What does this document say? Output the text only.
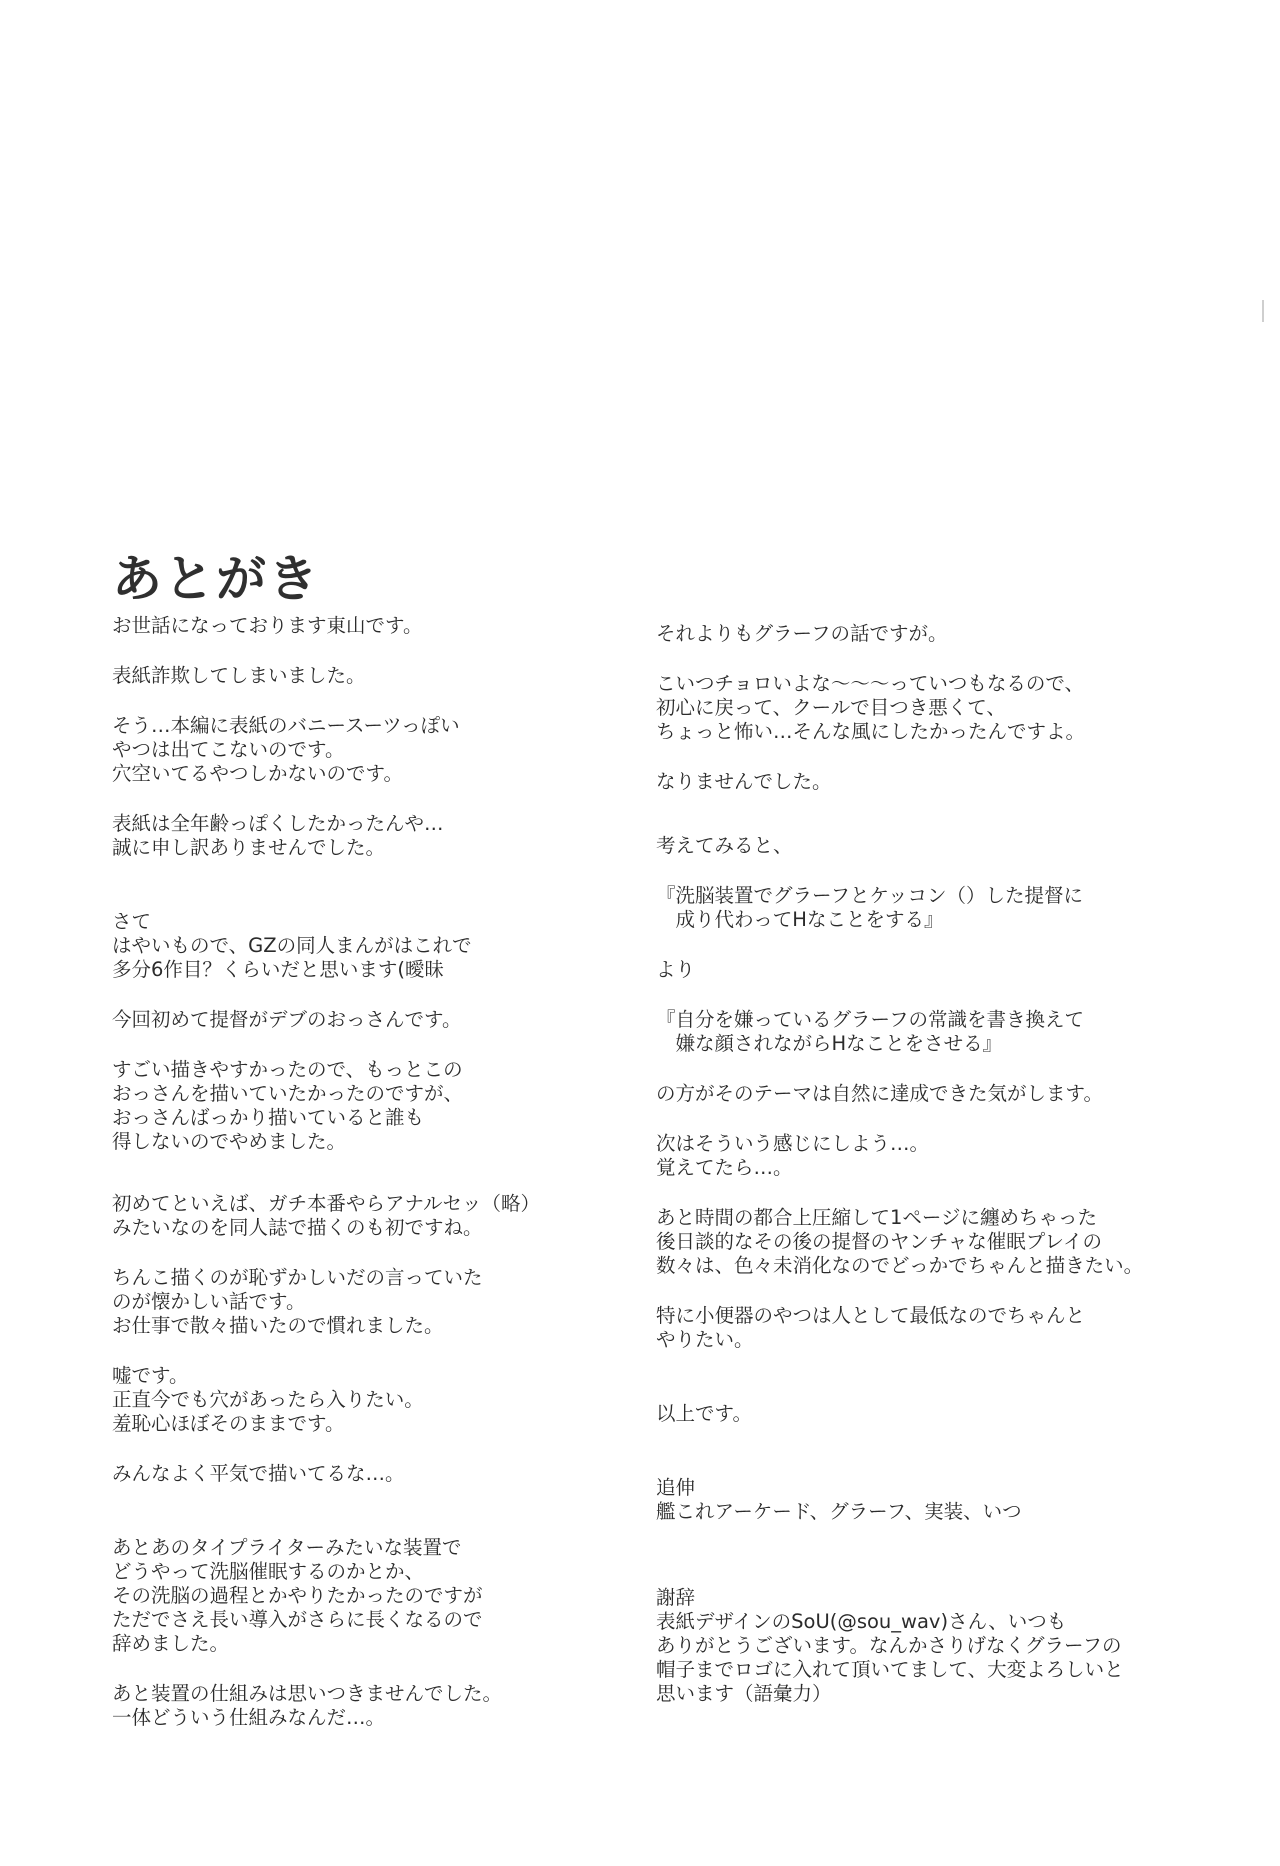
あとがき
お世話になっております東山です。
表紙詐欺してしまいました。
そう…本編に表紙のバニースーツっぽい
やつは出てこないのです。
穴空いてるやつしかないのです。
表紙は全年齢っぽくしたかったんや…
誠に申し訳ありませんでした。
さて
はやいもので、GZの同人まんがはこれで
多分6作目？くらいだと思います(曖昧
今回初めて提督がデブのおっさんです。
すごい描きやすかったので、もっとこの
おっさんを描いていたかったのですが、
おっさんばっかり描いていると誰も
得しないのでやめました。
初めてといえば、ガチ本番やらアナルセッ（略）
みたいなのを同人誌で描くのも初ですね。
ちんこ描くのが恥ずかしいだの言っていた
のが懐かしい話です。
お仕事で散々描いたので慣れました。
嘘です。
正直今でも穴があったら入りたい。
羞恥心ほぼそのままです。
みんなよく平気で描いてるな…。
あとあのタイプライターみたいな装置で
どうやって洗脳催眠するのかとか、
その洗脳の過程とかやりたかったのですが
ただでさえ長い導入がさらに長くなるので
辞めました。
あと装置の仕組みは思いつきませんでした。
一体どういう仕組みなんだ…。
それよりもグラーフの話ですが。
こいつチョロいよな〜〜〜っていつもなるので、
初心に戻って、クールで目つき悪くて、
ちょっと怖い…そんな風にしたかったんですよ。
なりませんでした。
考えてみると、
『洗脳装置でグラーフとケッコン（）した提督に
　成り代わってHなことをする』
より
『自分を嫌っているグラーフの常識を書き換えて
　嫌な顔されながらHなことをさせる』
の方がそのテーマは自然に達成できた気がします。
次はそういう感じにしよう…。
覚えてたら…。
あと時間の都合上圧縮して1ページに纏めちゃった
後日談的なその後の提督のヤンチャな催眠プレイの
数々は、色々未消化なのでどっかでちゃんと描きたい。
特に小便器のやつは人として最低なのでちゃんと
やりたい。
以上です。
追伸
艦これアーケード、グラーフ、実装、いつ
謝辞
表紙デザインのSoU(@sou_wav)さん、いつも
ありがとうございます。なんかさりげなくグラーフの
帽子までロゴに入れて頂いてまして、大変よろしいと
思います（語彙力）
